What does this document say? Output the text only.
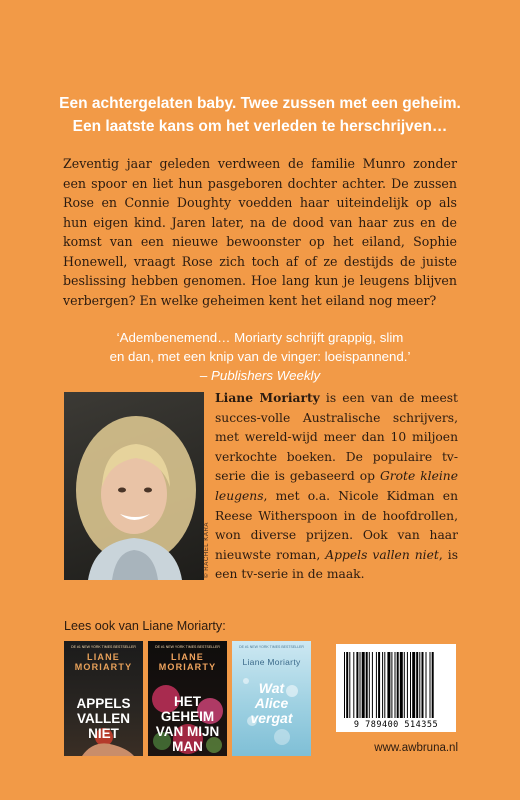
Een achtergelaten baby. Twee zussen met een geheim.
Een laatste kans om het verleden te herschrijven…
Zeventig jaar geleden verdween de familie Munro zonder een spoor en liet hun pasgeboren dochter achter. De zussen Rose en Connie Doughty voedden haar uiteindelijk op als hun eigen kind. Jaren later, na de dood van haar zus en de komst van een nieuwe bewoonster op het eiland, Sophie Honewell, vraagt Rose zich toch af of ze destijds de juiste beslissing hebben genomen. Hoe lang kun je leugens blijven verbergen? En welke geheimen kent het eiland nog meer?
‘Adembenemend… Moriarty schrijft grappig, slim
en dan, met een knip van de vinger: loeispannend.’
– Publishers Weekly
© RACHEL KARA
Liane Moriarty is een van de meest succes-volle Australische schrijvers, met wereld-wijd meer dan 10 miljoen verkochte boeken. De populaire tv-serie die is gebaseerd op Grote kleine leugens, met o.a. Nicole Kidman en Reese Witherspoon in de hoofdrollen, won diverse prijzen. Ook van haar nieuwste roman, Appels vallen niet, is een tv-serie in de maak.
Lees ook van Liane Moriarty:
DE #1 NEW YORK TIMES BESTSELLER
LIANE MORIARTY
APPELS
VALLEN
NIET
DE #1 NEW YORK TIMES BESTSELLER
LIANE MORIARTY
HET
GEHEIM
VAN MIJN
MAN
DE #1 NEW YORK TIMES BESTSELLER
Liane Moriarty
Wat
Alice
vergat	9 789400 514355
www.awbruna.nl
